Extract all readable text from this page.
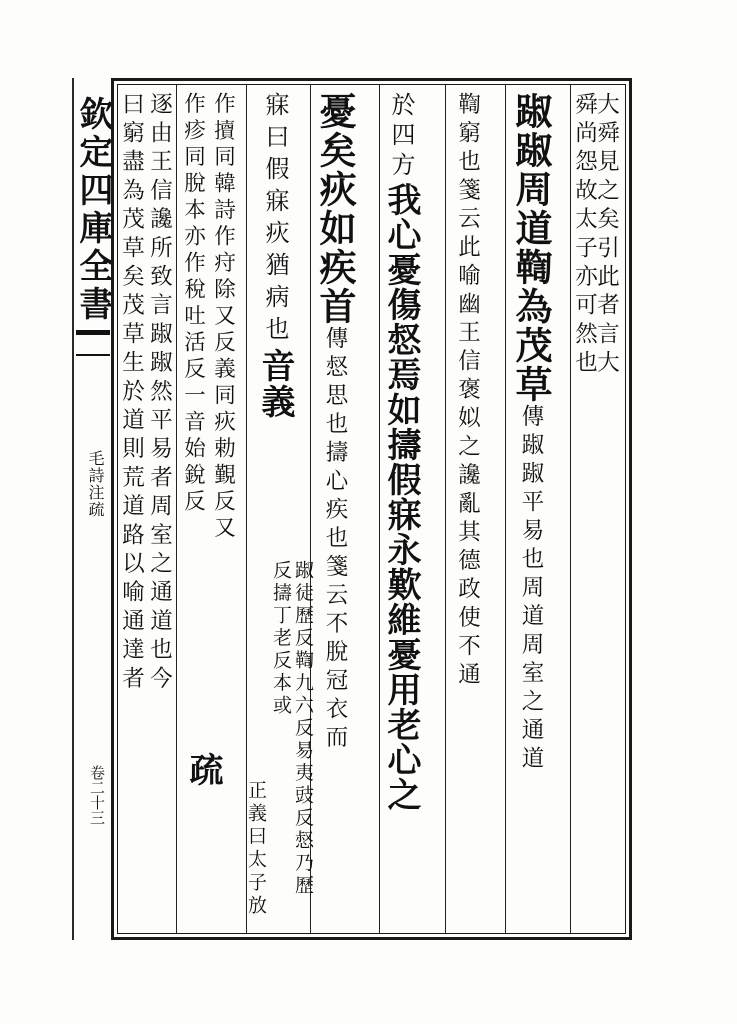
欽定四庫全書
毛詩注疏
卷二十三
大舜見之矣引此者言大
舜尚怨故太子亦可然也
踧踧周道鞫為茂草傳踧踧平易也周道周室之通道
鞫窮也箋云此喻幽王信褒姒之讒亂其德政使不通
於四方我心憂傷惄焉如擣假寐永歎維憂用老心之
憂矣疢如疾首傳惄思也擣心疾也箋云不脫冠衣而
寐曰假寐疢猶病也音義
踧徒歷反鞫九六反易夷豉反惄乃歷反擣丁老反本或
作𢷺同韓詩作疛除又反義同疢勅覲反又
作疹同脫本亦作稅吐活反一音始銳反
疏
正義曰太子放
逐由王信讒所致言踧踧然平易者周室之通道也今
曰窮盡為茂草矣茂草生於道則荒道路以喻通達者
